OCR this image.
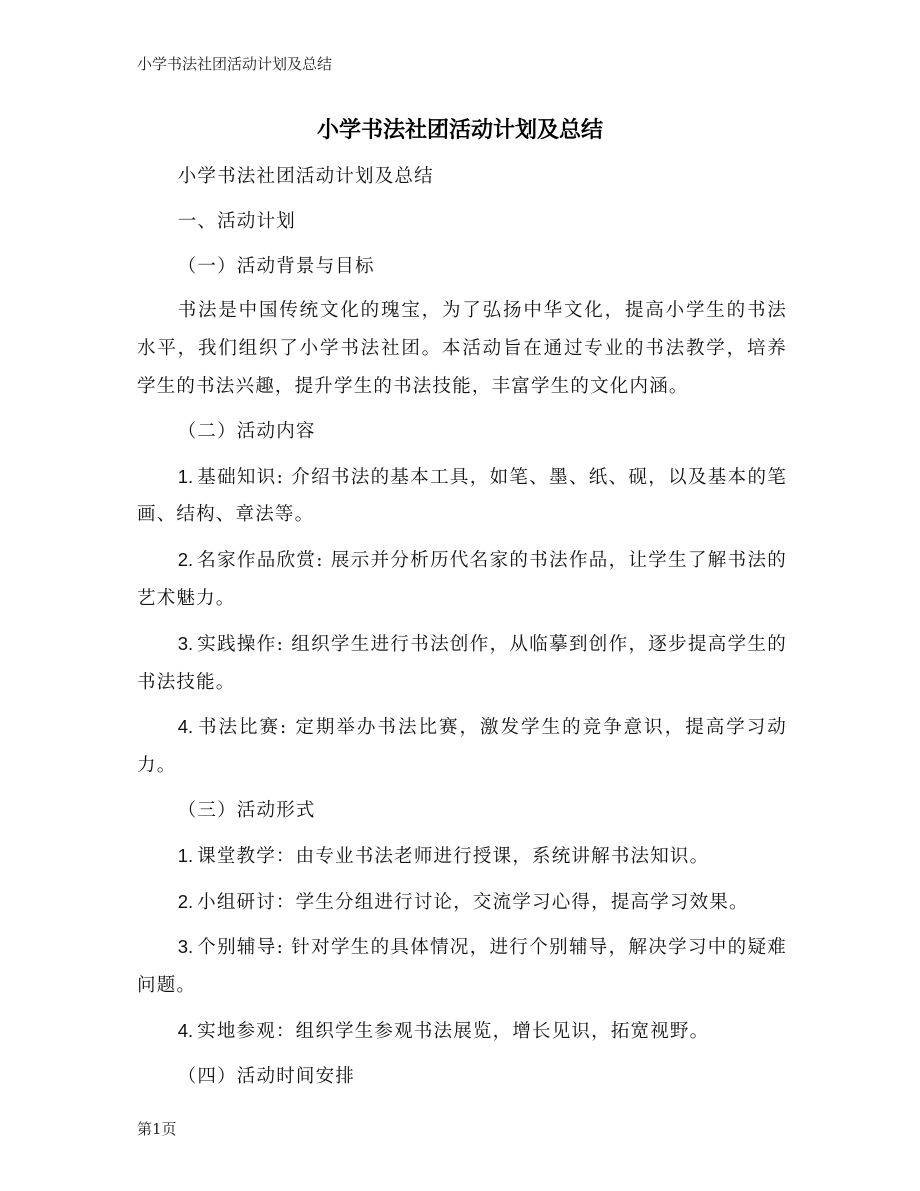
小学书法社团活动计划及总结
小学书法社团活动计划及总结

小学书法社团活动计划及总结

一、活动计划

（一）活动背景与目标

书法是中国传统文化的瑰宝，为了弘扬中华文化，提高小学生的书法水平，我们组织了小学书法社团。本活动旨在通过专业的书法教学，培养学生的书法兴趣，提升学生的书法技能，丰富学生的文化内涵。

（二）活动内容

1. 基础知识: 介绍书法的基本工具，如笔、墨、纸、砚，以及基本的笔画、结构、章法等。

2. 名家作品欣赏: 展示并分析历代名家的书法作品，让学生了解书法的艺术魅力。

3. 实践操作: 组织学生进行书法创作，从临摹到创作，逐步提高学生的书法技能。

4. 书法比赛: 定期举办书法比赛，激发学生的竞争意识，提高学习动力。

（三）活动形式

1. 课堂教学：由专业书法老师进行授课，系统讲解书法知识。

2. 小组研讨：学生分组进行讨论，交流学习心得，提高学习效果。

3. 个别辅导: 针对学生的具体情况，进行个别辅导，解决学习中的疑难问题。

4. 实地参观：组织学生参观书法展览，增长见识，拓宽视野。

（四）活动时间安排

第1页
